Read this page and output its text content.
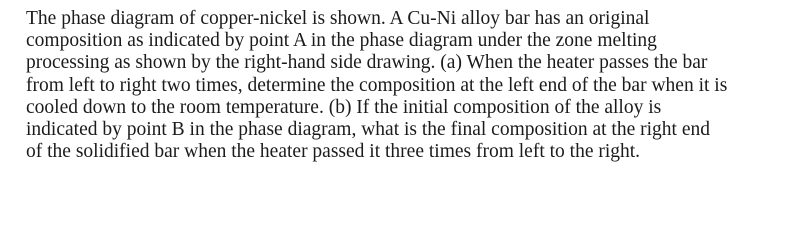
The phase diagram of copper-nickel is shown. A Cu-Ni alloy bar has an original
composition as indicated by point A in the phase diagram under the zone melting
processing as shown by the right-hand side drawing. (a) When the heater passes the bar
from left to right two times, determine the composition at the left end of the bar when it is
cooled down to the room temperature. (b) If the initial composition of the alloy is
indicated by point B in the phase diagram, what is the final composition at the right end
of the solidified bar when the heater passed it three times from left to the right.
